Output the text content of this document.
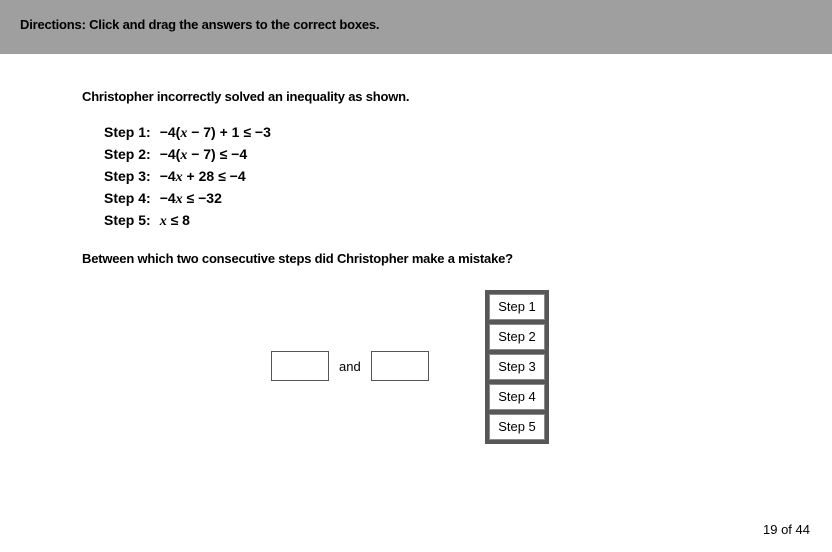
Directions: Click and drag the answers to the correct boxes.
Christopher incorrectly solved an inequality as shown.
Step 1: −4(x − 7) + 1 ≤ −3
Step 2: −4(x − 7) ≤ −4
Step 3: −4x + 28 ≤ −4
Step 4: −4x ≤ −32
Step 5: x ≤ 8
Between which two consecutive steps did Christopher make a mistake?
and
Step 1
Step 2
Step 3
Step 4
Step 5
19 of 44
